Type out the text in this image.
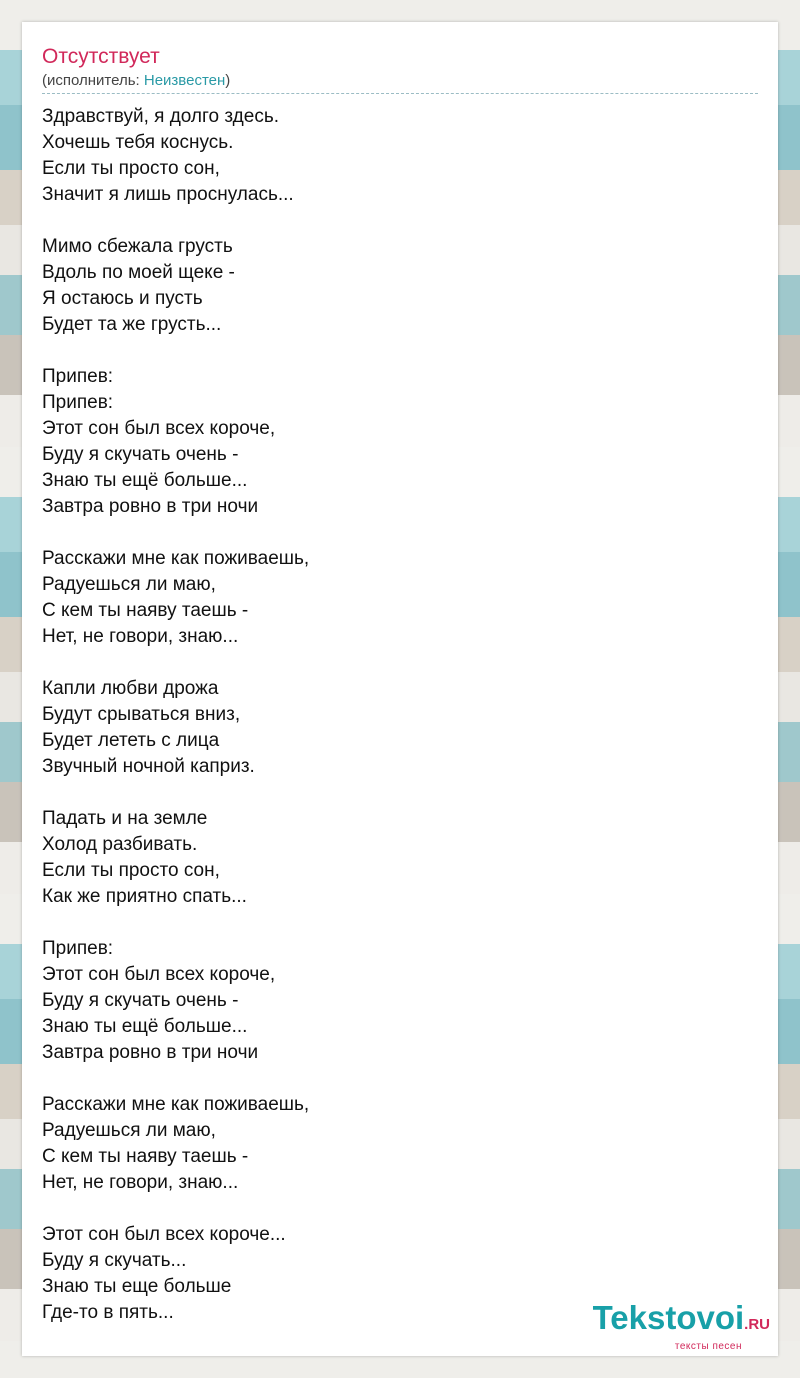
Отсутствует
(исполнитель: Неизвестен)
Здравствуй, я долго здесь.
Хочешь тебя коснусь.
Если ты просто сон,
Значит я лишь проснулась...
Мимо сбежала грусть
Вдоль по моей щеке -
Я остаюсь и пусть
Будет та же грусть...
Припев:
Припев:
Этот сон был всех короче,
Буду я скучать очень -
Знаю ты ещё больше...
Завтра ровно в три ночи
Расскажи мне как поживаешь,
Радуешься ли маю,
С кем ты наяву таешь -
Нет, не говори, знаю...
Капли любви дрожа
Будут срываться вниз,
Будет лететь с лица
Звучный ночной каприз.
Падать и на земле
Холод разбивать.
Если ты просто сон,
Как же приятно спать...
Припев:
Этот сон был всех короче,
Буду я скучать очень -
Знаю ты ещё больше...
Завтра ровно в три ночи
Расскажи мне как поживаешь,
Радуешься ли маю,
С кем ты наяву таешь -
Нет, не говори, знаю...
Этот сон был всех короче...
Буду я скучать...
Знаю ты еще больше
Где-то в пять...	Tekstovoi.RU
тексты песен
